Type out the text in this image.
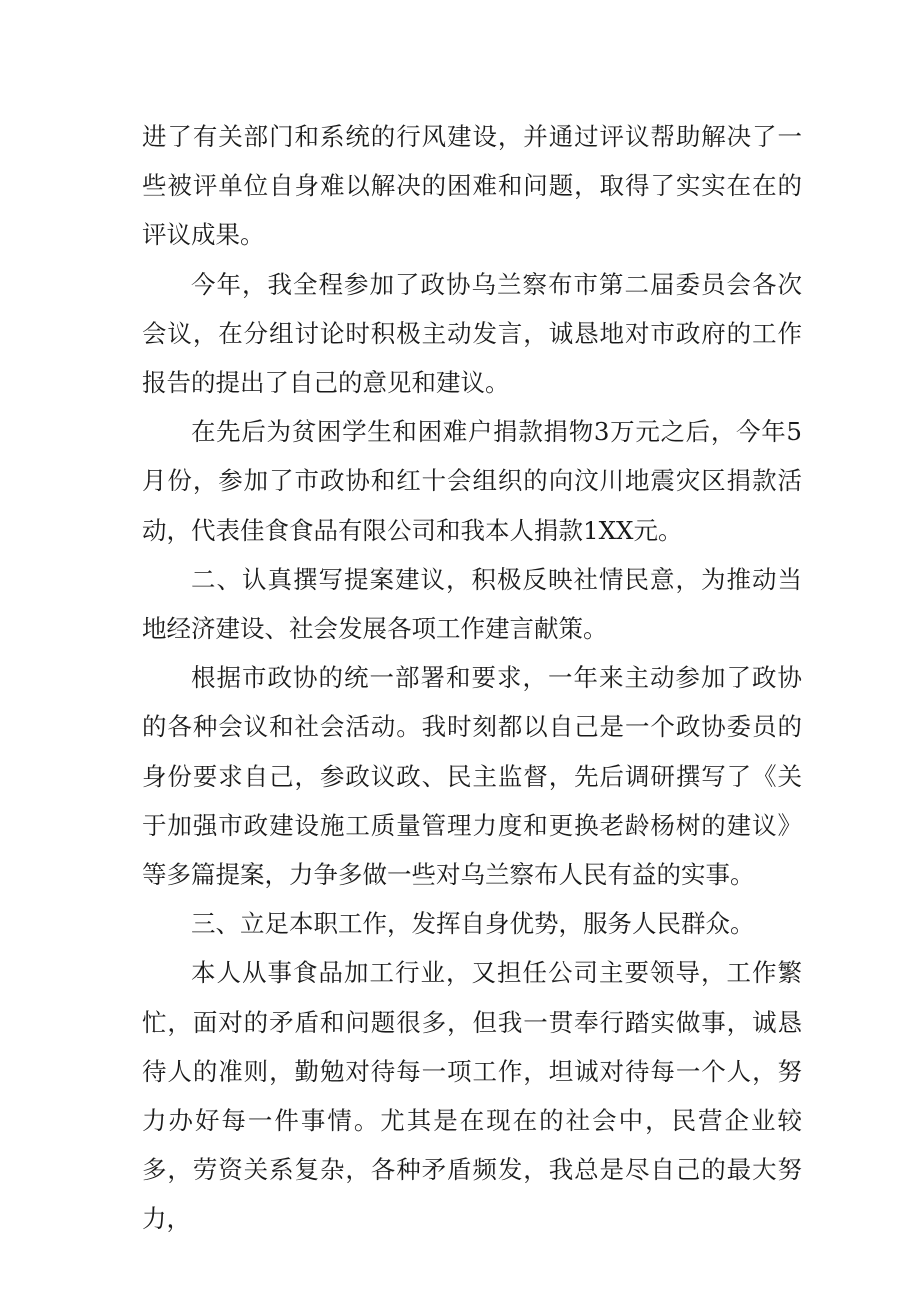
进了有关部门和系统的行风建设，并通过评议帮助解决了一些被评单位自身难以解决的困难和问题，取得了实实在在的评议成果。

今年，我全程参加了政协乌兰察布市第二届委员会各次会议，在分组讨论时积极主动发言，诚恳地对市政府的工作报告的提出了自己的意见和建议。

在先后为贫困学生和困难户捐款捐物3万元之后，今年5月份，参加了市政协和红十会组织的向汶川地震灾区捐款活动，代表佳食食品有限公司和我本人捐款1XX元。

二、认真撰写提案建议，积极反映社情民意，为推动当地经济建设、社会发展各项工作建言献策。

根据市政协的统一部署和要求，一年来主动参加了政协的各种会议和社会活动。我时刻都以自己是一个政协委员的身份要求自己，参政议政、民主监督，先后调研撰写了《关于加强市政建设施工质量管理力度和更换老龄杨树的建议》等多篇提案，力争多做一些对乌兰察布人民有益的实事。

三、立足本职工作，发挥自身优势，服务人民群众。

本人从事食品加工行业，又担任公司主要领导，工作繁忙，面对的矛盾和问题很多，但我一贯奉行踏实做事，诚恳待人的准则，勤勉对待每一项工作，坦诚对待每一个人，努力办好每一件事情。尤其是在现在的社会中，民营企业较多，劳资关系复杂，各种矛盾频发，我总是尽自己的最大努力，
